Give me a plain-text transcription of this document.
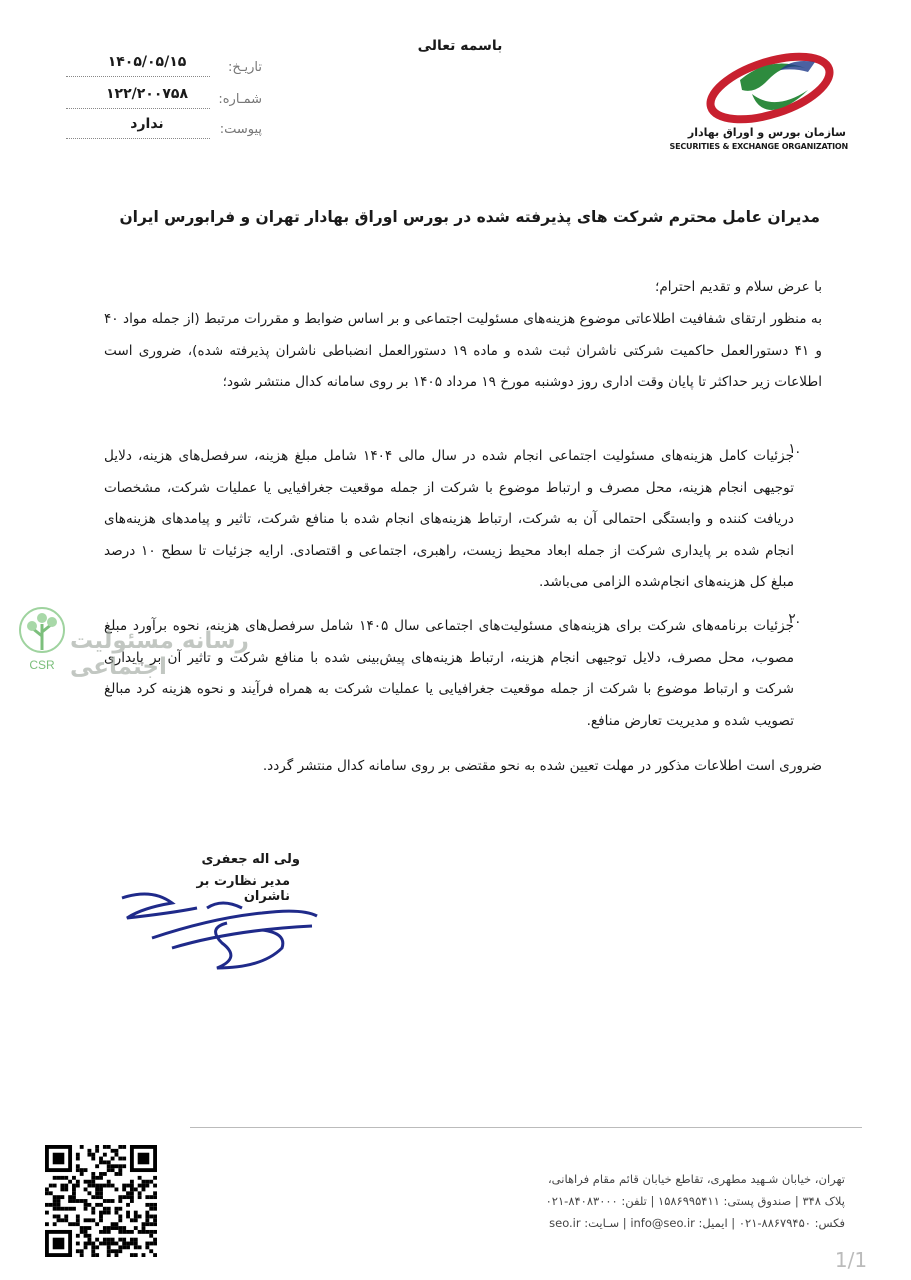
باسمه تعالی
تاریـخ:
۱۴۰۵/۰۵/۱۵
شمـاره:
۱۲۲/۲۰۰۷۵۸
پیوست:
ندارد
سازمان بورس و اوراق بهادار
SECURITIES & EXCHANGE ORGANIZATION
مدیران عامل محترم شرکت های پذیرفته شده در بورس اوراق بهادار تهران و فرابورس ایران
با عرض سلام و تقدیم احترام؛
به منظور ارتقای شفافیت اطلاعاتی موضوع هزینه‌های مسئولیت اجتماعی و بر اساس ضوابط و مقررات مرتبط (از جمله مواد ۴۰ و ۴۱ دستورالعمل حاکمیت شرکتی ناشران ثبت شده و ماده ۱۹ دستورالعمل انضباطی ناشران پذیرفته شده)، ضروری است اطلاعات زیر حداکثر تا پایان وقت اداری روز دوشنبه مورخ ۱۹ مرداد ۱۴۰۵ بر روی سامانه کدال منتشر شود؛
۱.
جزئیات کامل هزینه‌های مسئولیت اجتماعی انجام شده در سال مالی ۱۴۰۴ شامل مبلغ هزینه، سرفصل‌های هزینه، دلایل توجیهی انجام هزینه، محل مصرف و ارتباط موضوع با شرکت از جمله موقعیت جغرافیایی یا عملیات شرکت، مشخصات دریافت کننده و وابستگی احتمالی آن به شرکت، ارتباط هزینه‌های انجام شده با منافع شرکت، تاثیر و پیامدهای هزینه‌های انجام شده بر پایداری شرکت از جمله ابعاد محیط زیست، راهبری، اجتماعی و اقتصادی. ارایه جزئیات تا سطح ۱۰ درصد مبلغ کل هزینه‌های انجام‌شده الزامی می‌باشد.
۲.
جزئیات برنامه‌های شرکت برای هزینه‌های مسئولیت‌های اجتماعی سال ۱۴۰۵ شامل سرفصل‌های هزینه، نحوه برآورد مبلغ مصوب، محل مصرف، دلایل توجیهی انجام هزینه، ارتباط هزینه‌های پیش‌بینی شده با منافع شرکت و تاثیر آن بر پایداری شرکت و ارتباط موضوع با شرکت از جمله موقعیت جغرافیایی یا عملیات شرکت به همراه فرآیند و نحوه هزینه کرد مبالغ تصویب شده و مدیریت تعارض منافع.
ضروری است اطلاعات مذکور در مهلت تعیین شده به نحو مقتضی بر روی سامانه کدال منتشر گردد.
CSR
رسانه مسئولیت اجتماعی
ولی اله جعفری
مدیر نظارت بر ناشران
تهران، خیابان شـهید مطهری، تقاطع خیابان قائم مقام فراهانی،
پلاک ۳۴۸ | صندوق پستی: ۱۵۸۶۹۹۵۴۱۱ | تلفن: ۸۴۰۸۳۰۰۰-۰۲۱
فکس: ۸۸۶۷۹۴۵۰-۰۲۱ | ایمیل: info@seo.ir | سـایت: seo.ir
1/1
